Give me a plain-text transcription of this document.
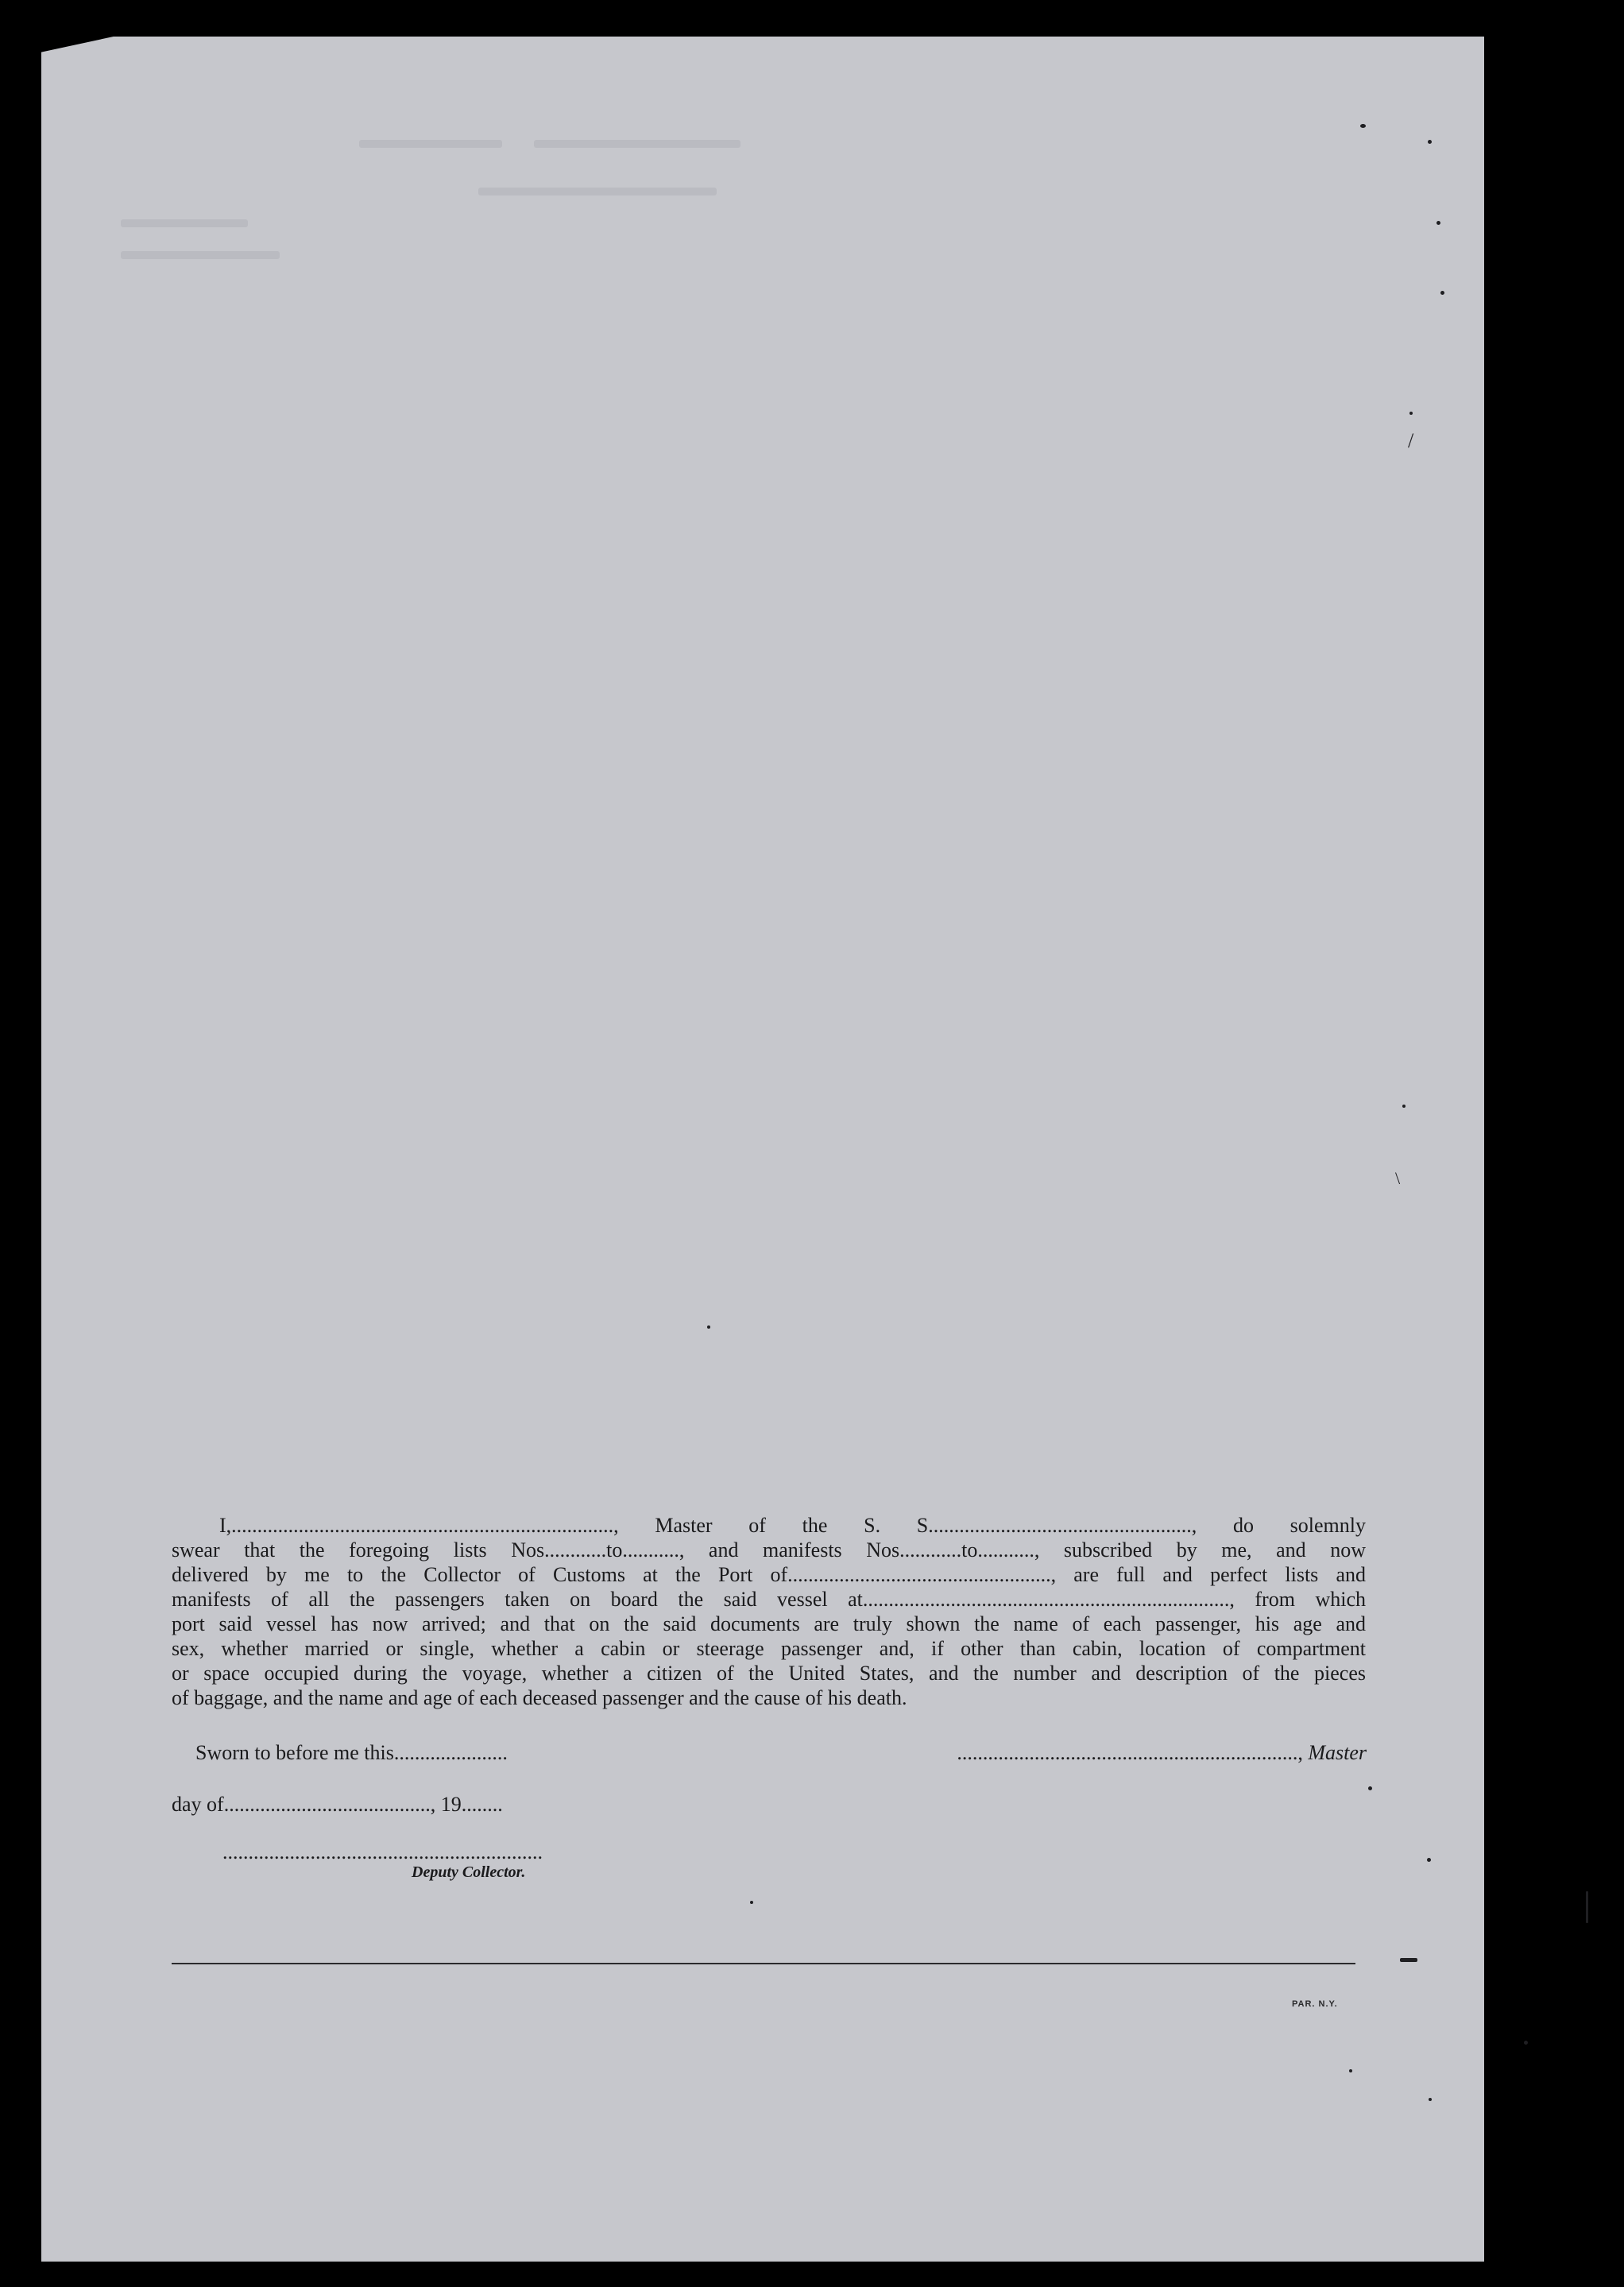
I,.........................................................................., Master of the S. S..................................................., do solemnly
swear that the foregoing lists Nos............to..........., and manifests Nos............to..........., subscribed by me, and now
delivered by me to the Collector of Customs at the Port of..................................................., are full and perfect lists and
manifests of all the passengers taken on board the said vessel at......................................................................., from which
port said vessel has now arrived; and that on the said documents are truly shown the name of each passenger, his age and
sex, whether married or single, whether a cabin or steerage passenger and, if other than cabin, location of compartment
or space occupied during the voyage, whether a citizen of the United States, and the number and description of the pieces
of baggage, and the name and age of each deceased passenger and the cause of his death.
Sworn to before me this......................	.................................................................., Master
day of........................................, 19........
..............................................................
Deputy Collector.
PAR. N.Y.
/
\
